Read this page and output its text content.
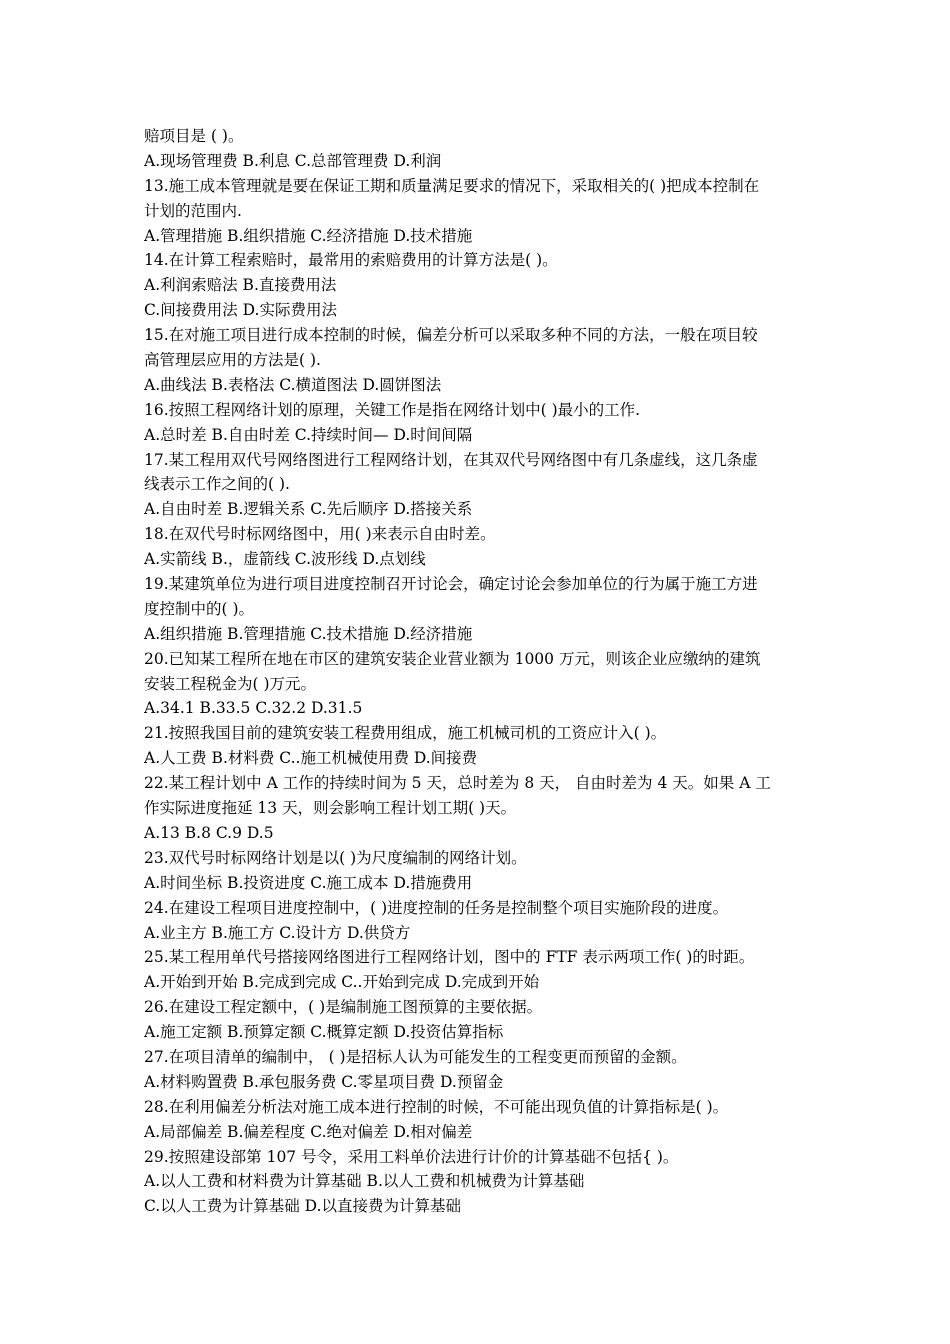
赔项目是 ( )。
A.现场管理费 B.利息 C.总部管理费 D.利润
13.施工成本管理就是要在保证工期和质量满足要求的情况下，采取相关的( )把成本控制在
计划的范围内.
A.管理措施 B.组织措施 C.经济措施 D.技术措施
14.在计算工程索赔时，最常用的索赔费用的计算方法是( )。
A.利润索赔法 B.直接费用法
C.间接费用法 D.实际费用法
15.在对施工项目进行成本控制的时候，偏差分析可以采取多种不同的方法，一般在项目较
高管理层应用的方法是( ).
A.曲线法 B.表格法 C.横道图法 D.圆饼图法
16.按照工程网络计划的原理，关键工作是指在网络计划中( )最小的工作.
A.总时差 B.自由时差 C.持续时间— D.时间间隔
17.某工程用双代号网络图进行工程网络计划，在其双代号网络图中有几条虚线，这几条虚
线表示工作之间的( ).
A.自由时差 B.逻辑关系 C.先后顺序 D.搭接关系
18.在双代号时标网络图中，用( )来表示自由时差。
A.实箭线 B.，虚箭线 C.波形线 D.点划线
19.某建筑单位为进行项目进度控制召开讨论会，确定讨论会参加单位的行为属于施工方进
度控制中的( )。
A.组织措施 B.管理措施 C.技术措施 D.经济措施
20.已知某工程所在地在市区的建筑安装企业营业额为 1000 万元，则该企业应缴纳的建筑
安装工程税金为( )万元。
A.34.1 B.33.5 C.32.2 D.31.5
21.按照我国目前的建筑安装工程费用组成，施工机械司机的工资应计入( )。
A.人工费 B.材料费 C..施工机械使用费 D.间接费
22.某工程计划中 A 工作的持续时间为 5 天，总时差为 8 天， 自由时差为 4 天。如果 A 工
作实际进度拖延 13 天，则会影响工程计划工期( )天。
A.13 B.8 C.9 D.5
23.双代号时标网络计划是以( )为尺度编制的网络计划。
A.时间坐标 B.投资进度 C.施工成本 D.措施费用
24.在建设工程项目进度控制中，( )进度控制的任务是控制整个项目实施阶段的进度。
A.业主方 B.施工方 C.设计方 D.供贷方
25.某工程用单代号搭接网络图进行工程网络计划，图中的 FTF 表示两项工作( )的时距。
A.开始到开始 B.完成到完成 C..开始到完成 D.完成到开始
26.在建设工程定额中，( )是编制施工图预算的主要依据。
A.施工定额 B.预算定额 C.概算定额 D.投资估算指标
27.在项目清单的编制中， ( )是招标人认为可能发生的工程变更而预留的金额。
A.材料购置费 B.承包服务费 C.零星项目费 D.预留金
28.在利用偏差分析法对施工成本进行控制的时候，不可能出现负值的计算指标是( )。
A.局部偏差 B.偏差程度 C.绝对偏差 D.相对偏差
29.按照建设部第 107 号令，采用工料单价法进行计价的计算基础不包括{ )。
A.以人工费和材料费为计算基础 B.以人工费和机械费为计算基础
C.以人工费为计算基础 D.以直接费为计算基础
